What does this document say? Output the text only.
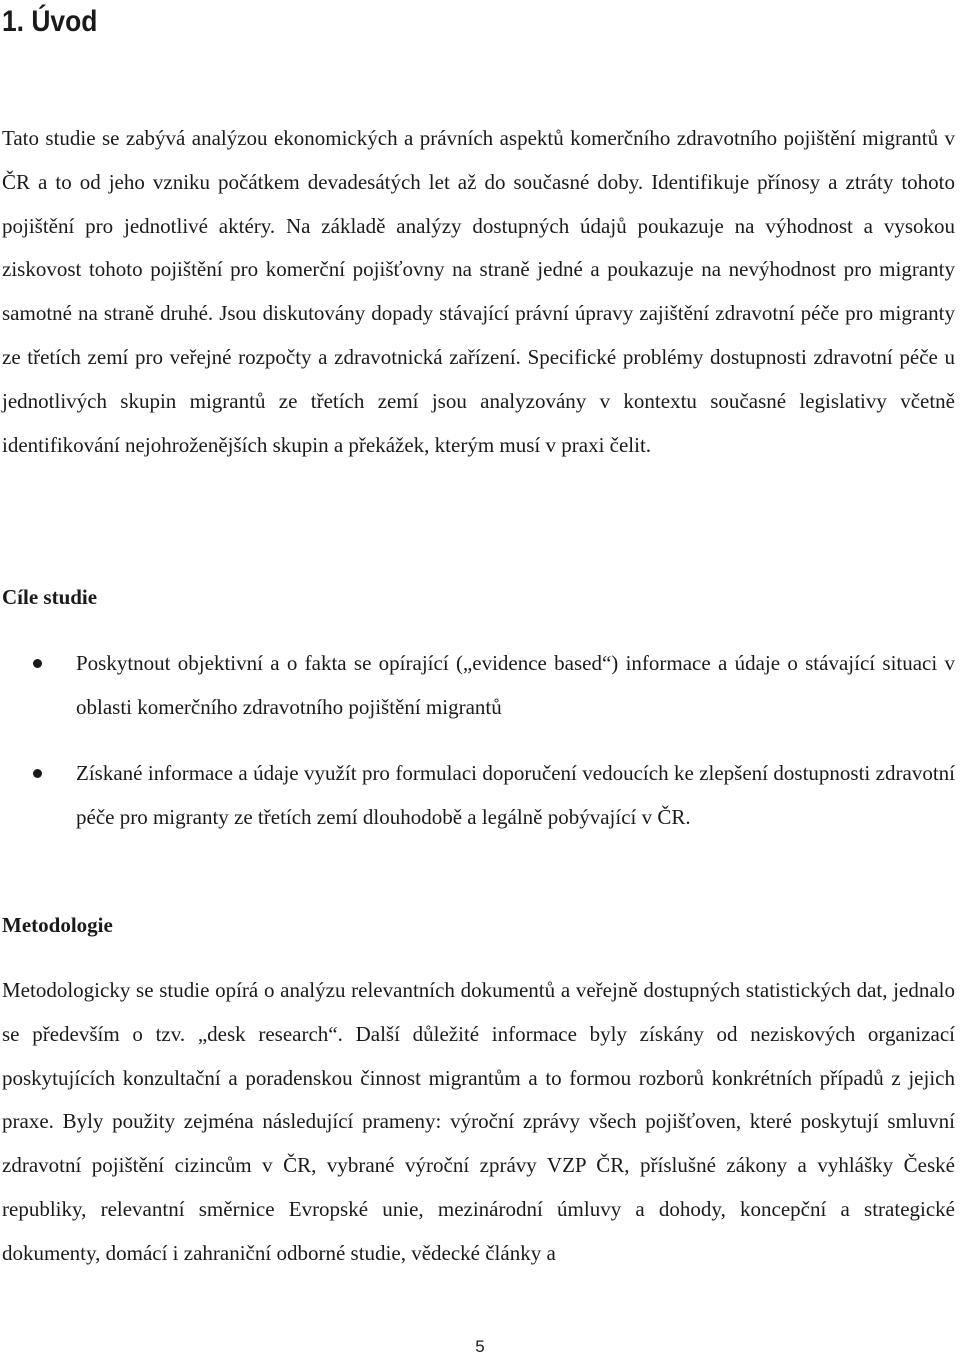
1. Úvod

Tato studie se zabývá analýzou ekonomických a právních aspektů komerčního zdravotního pojištění migrantů v ČR a to od jeho vzniku počátkem devadesátých let až do současné doby. Identifikuje přínosy a ztráty tohoto pojištění pro jednotlivé aktéry. Na základě analýzy dostupných údajů poukazuje na výhodnost a vysokou ziskovost tohoto pojištění pro komerční pojišťovny na straně jedné a poukazuje na nevýhodnost pro migranty samotné na straně druhé. Jsou diskutovány dopady stávající právní úpravy zajištění zdravotní péče pro migranty ze třetích zemí pro veřejné rozpočty a zdravotnická zařízení. Specifické problémy dostupnosti zdravotní péče u jednotlivých skupin migrantů ze třetích zemí jsou analyzovány v kontextu současné legislativy včetně identifikování nejohroženějších skupin a překážek, kterým musí v praxi čelit.

Cíle studie

Poskytnout objektivní a o fakta se opírající („evidence based“) informace a údaje o stávající situaci v oblasti komerčního zdravotního pojištění migrantů

Získané informace a údaje využít pro formulaci doporučení vedoucích ke zlepšení dostupnosti zdravotní péče pro migranty ze třetích zemí dlouhodobě a legálně pobývající v ČR.

Metodologie

Metodologicky se studie opírá o analýzu relevantních dokumentů a veřejně dostupných statistických dat, jednalo se především o tzv. „desk research“. Další důležité informace byly získány od neziskových organizací poskytujících konzultační a poradenskou činnost migrantům a to formou rozborů konkrétních případů z jejich praxe. Byly použity zejména následující prameny: výroční zprávy všech pojišťoven, které poskytují smluvní zdravotní pojištění cizincům v ČR, vybrané výroční zprávy VZP ČR, příslušné zákony a vyhlášky České republiky, relevantní směrnice Evropské unie, mezinárodní úmluvy a dohody, koncepční a strategické dokumenty, domácí i zahraniční odborné studie, vědecké články a

5
